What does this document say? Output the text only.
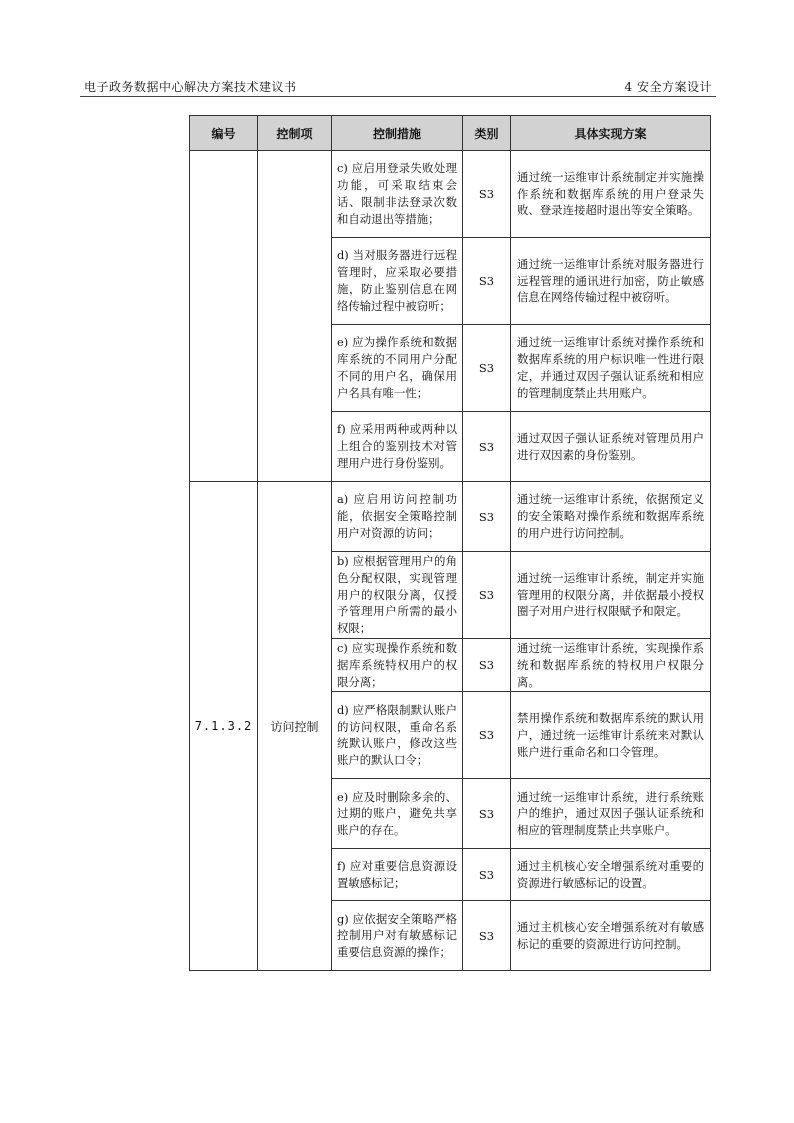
电子政务数据中心解决方案技术建议书	4 安全方案设计
编号	控制项	控制措施	类别	具体实现方案
		c) 应启用登录失败处理功能，可采取结束会话、限制非法登录次数和自动退出等措施；	S3	通过统一运维审计系统制定并实施操作系统和数据库系统的用户登录失败、登录连接超时退出等安全策略。
		d) 当对服务器进行远程管理时，应采取必要措施，防止鉴别信息在网络传输过程中被窃听；	S3	通过统一运维审计系统对服务器进行远程管理的通讯进行加密，防止敏感信息在网络传输过程中被窃听。
		e) 应为操作系统和数据库系统的不同用户分配不同的用户名，确保用户名具有唯一性；	S3	通过统一运维审计系统对操作系统和数据库系统的用户标识唯一性进行限定，并通过双因子强认证系统和相应的管理制度禁止共用账户。
		f) 应采用两种或两种以上组合的鉴别技术对管理用户进行身份鉴别。	S3	通过双因子强认证系统对管理员用户进行双因素的身份鉴别。
7.1.3.2	访问控制	a) 应启用访问控制功能，依据安全策略控制用户对资源的访问；	S3	通过统一运维审计系统，依据预定义的安全策略对操作系统和数据库系统的用户进行访问控制。
		b) 应根据管理用户的角色分配权限，实现管理用户的权限分离，仅授予管理用户所需的最小权限；	S3	通过统一运维审计系统，制定并实施管理用的权限分离，并依据最小授权圈子对用户进行权限赋予和限定。
		c) 应实现操作系统和数据库系统特权用户的权限分离；	S3	通过统一运维审计系统，实现操作系统和数据库系统的特权用户权限分离。
		d) 应严格限制默认账户的访问权限，重命名系统默认账户，修改这些账户的默认口令；	S3	禁用操作系统和数据库系统的默认用户，通过统一运维审计系统来对默认账户进行重命名和口令管理。
		e) 应及时删除多余的、过期的账户，避免共享账户的存在。	S3	通过统一运维审计系统，进行系统账户的维护，通过双因子强认证系统和相应的管理制度禁止共享账户。
		f) 应对重要信息资源设置敏感标记；	S3	通过主机核心安全增强系统对重要的资源进行敏感标记的设置。
		g) 应依据安全策略严格控制用户对有敏感标记重要信息资源的操作；	S3	通过主机核心安全增强系统对有敏感标记的重要的资源进行访问控制。
